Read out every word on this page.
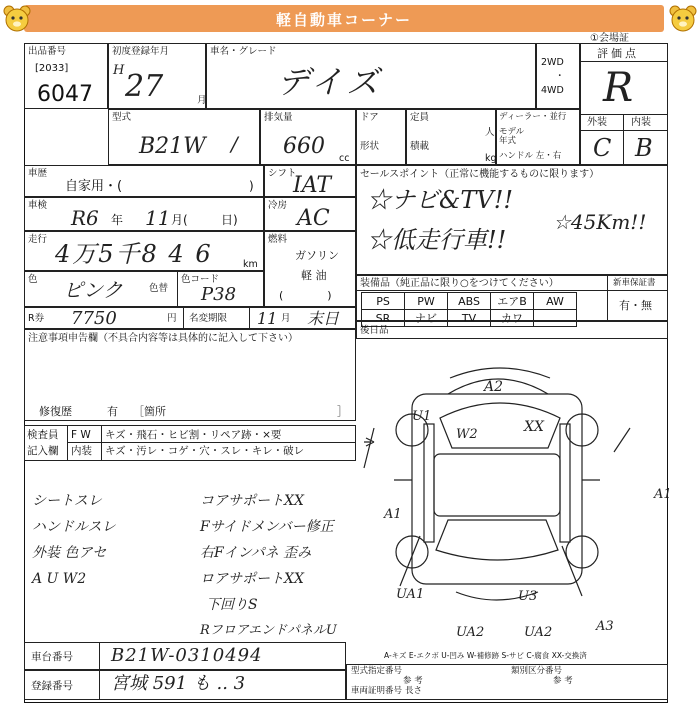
軽自動車コーナー
①会場証
出品番号
[2033]
6047
初度登録年月
H 27	月
車名・グレード
デイズ
2WD
・
4WD
評価点
R
外装 内装
C B
型式
B21W /
排気量
660 cc
ドア
形状
定員
人
積載
kg
ディーラー・並行
モデル年式
ハンドル 左・右
車歴
自家用・(	)
シフト
IAT
車検
R6 年 11 月(	日)
冷房
AC
走行
4万5千8 4 6	km
燃料
ガソリン
軽 油
(　　　　)
色 ピンク	色替
色コード
P38
R券 7750	円 名変期限 11 月 末日
セールスポイント（正常に機能するものに限ります）
☆ナビ&TV!!
☆低走行車!!
☆45Km!!
装備品（純正品に限り○をつけてください）	新車保証書
有・無
PS	PW	ABS	エアB	AW
SR	ナビ	TV	カワ	
後日品
注意事項申告欄（不具合内容等は具体的に記入して下さい）
修復歴	有 ［箇所	］
検査員
記入欄
F W キズ・飛石・ヒビ割・リペア跡・×要
内装 キズ・汚レ・コゲ・穴・スレ・キレ・破レ
シートスレ
ハンドルスレ
外装 色アセ
A U W2
コアサポートXX
Fサイドメンバー修正
右Fインパネ 歪み
ロアサポートXX
下回りS
RフロアエンドパネルU
A2
U1
XX
W2
A1
A1
UA1	U3
UA2	UA2	A3
A-キズ E-エクボ U-凹み W-補修跡 S-サビ C-腐食 XX-交換済
車台番号 B21W-0310494
登録番号 宮城 591 も .. 3
型式指定番号	類別区分番号
参 考	参 考
車両証明番号 長さ
